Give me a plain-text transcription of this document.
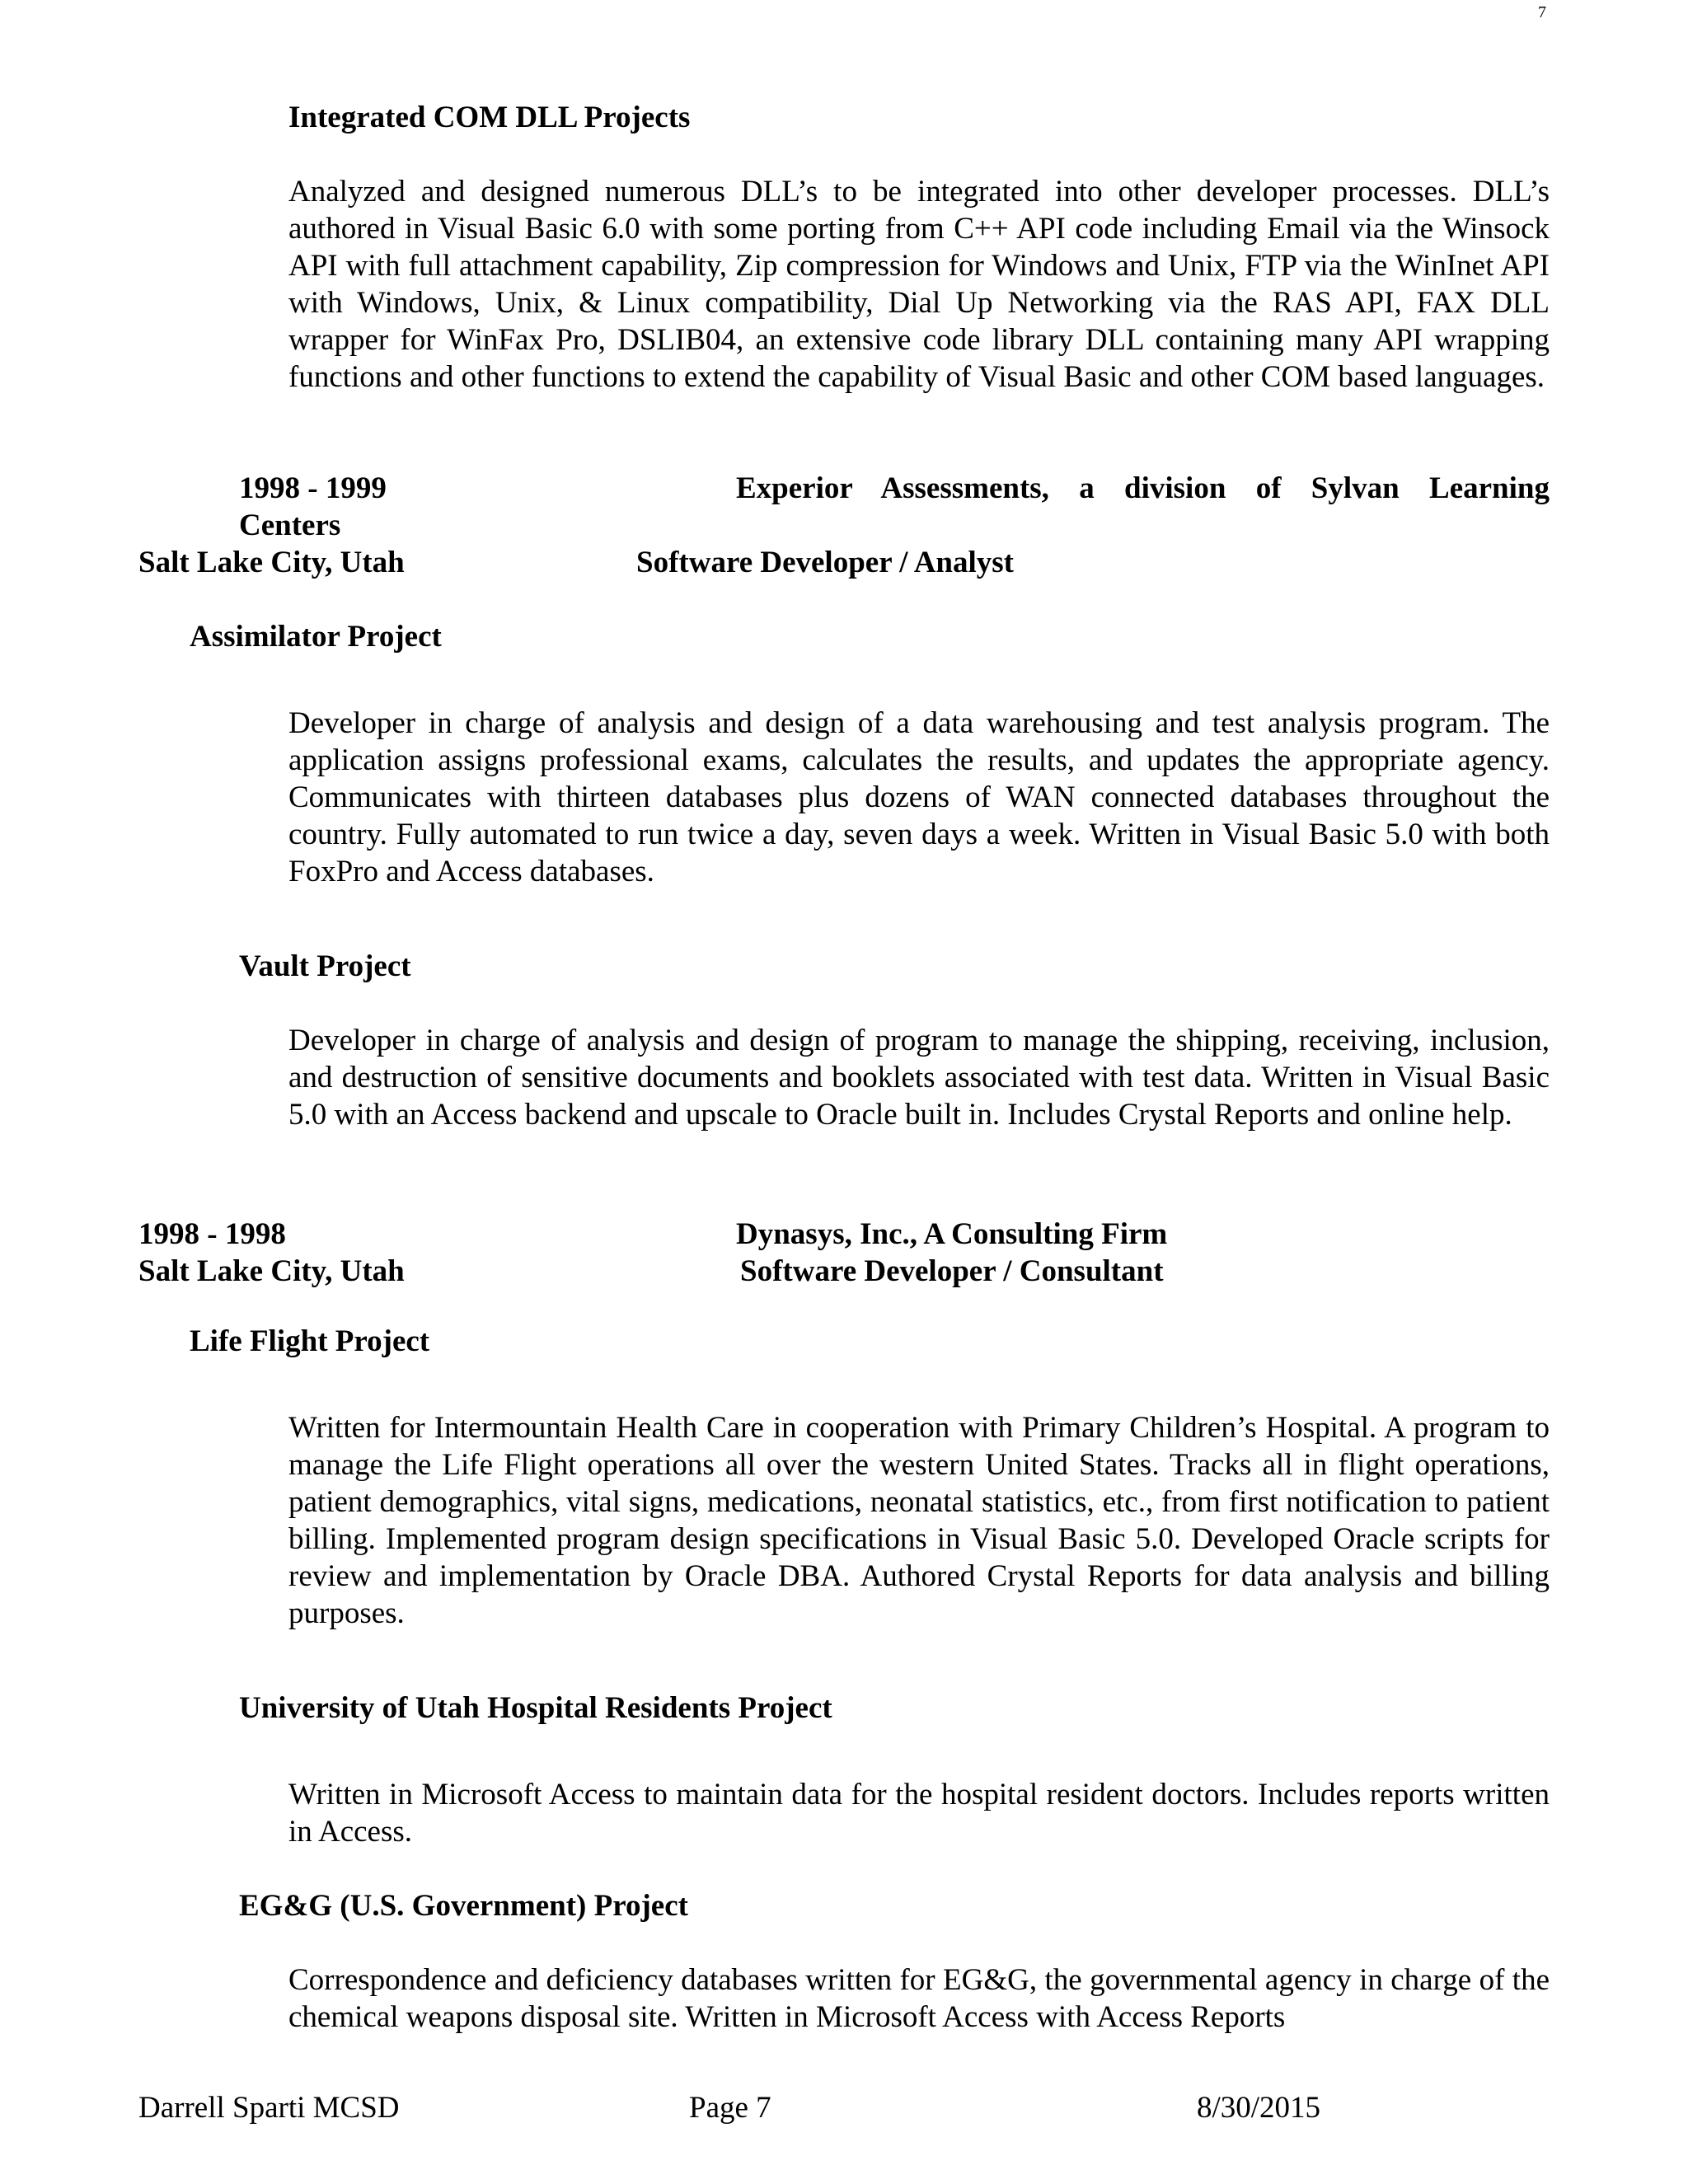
7
Integrated COM DLL Projects
Analyzed and designed numerous DLL’s to be integrated into other developer processes. DLL’s authored in Visual Basic 6.0 with some porting from C++ API code including Email via the Winsock API with full attachment capability, Zip compression for Windows and Unix, FTP via the WinInet API with Windows, Unix, & Linux compatibility, Dial Up Networking via the RAS API, FAX DLL wrapper for WinFax Pro, DSLIB04, an extensive code library DLL containing many API wrapping functions and other functions to extend the capability of Visual Basic and other COM based languages.
1998 - 1999	Experior Assessments, a division of Sylvan Learning
Centers
Salt Lake City, Utah	Software Developer / Analyst
Assimilator Project
Developer in charge of analysis and design of a data warehousing and test analysis program. The application assigns professional exams, calculates the results, and updates the appropriate agency. Communicates with thirteen databases plus dozens of WAN connected databases throughout the country. Fully automated to run twice a day, seven days a week. Written in Visual Basic 5.0 with both FoxPro and Access databases.
Vault Project
Developer in charge of analysis and design of program to manage the shipping, receiving, inclusion, and destruction of sensitive documents and booklets associated with test data. Written in Visual Basic 5.0 with an Access backend and upscale to Oracle built in. Includes Crystal Reports and online help.
1998 - 1998	Dynasys, Inc., A Consulting Firm
Salt Lake City, Utah	Software Developer / Consultant
Life Flight Project
Written for Intermountain Health Care in cooperation with Primary Children’s Hospital. A program to manage the Life Flight operations all over the western United States. Tracks all in flight operations, patient demographics, vital signs, medications, neonatal statistics, etc., from first notification to patient billing. Implemented program design specifications in Visual Basic 5.0. Developed Oracle scripts for review and implementation by Oracle DBA. Authored Crystal Reports for data analysis and billing purposes.
University of Utah Hospital Residents Project
Written in Microsoft Access to maintain data for the hospital resident doctors. Includes reports written in Access.
EG&G (U.S. Government) Project
Correspondence and deficiency databases written for EG&G, the governmental agency in charge of the chemical weapons disposal site. Written in Microsoft Access with Access Reports
Darrell Sparti MCSD	Page 7	8/30/2015
